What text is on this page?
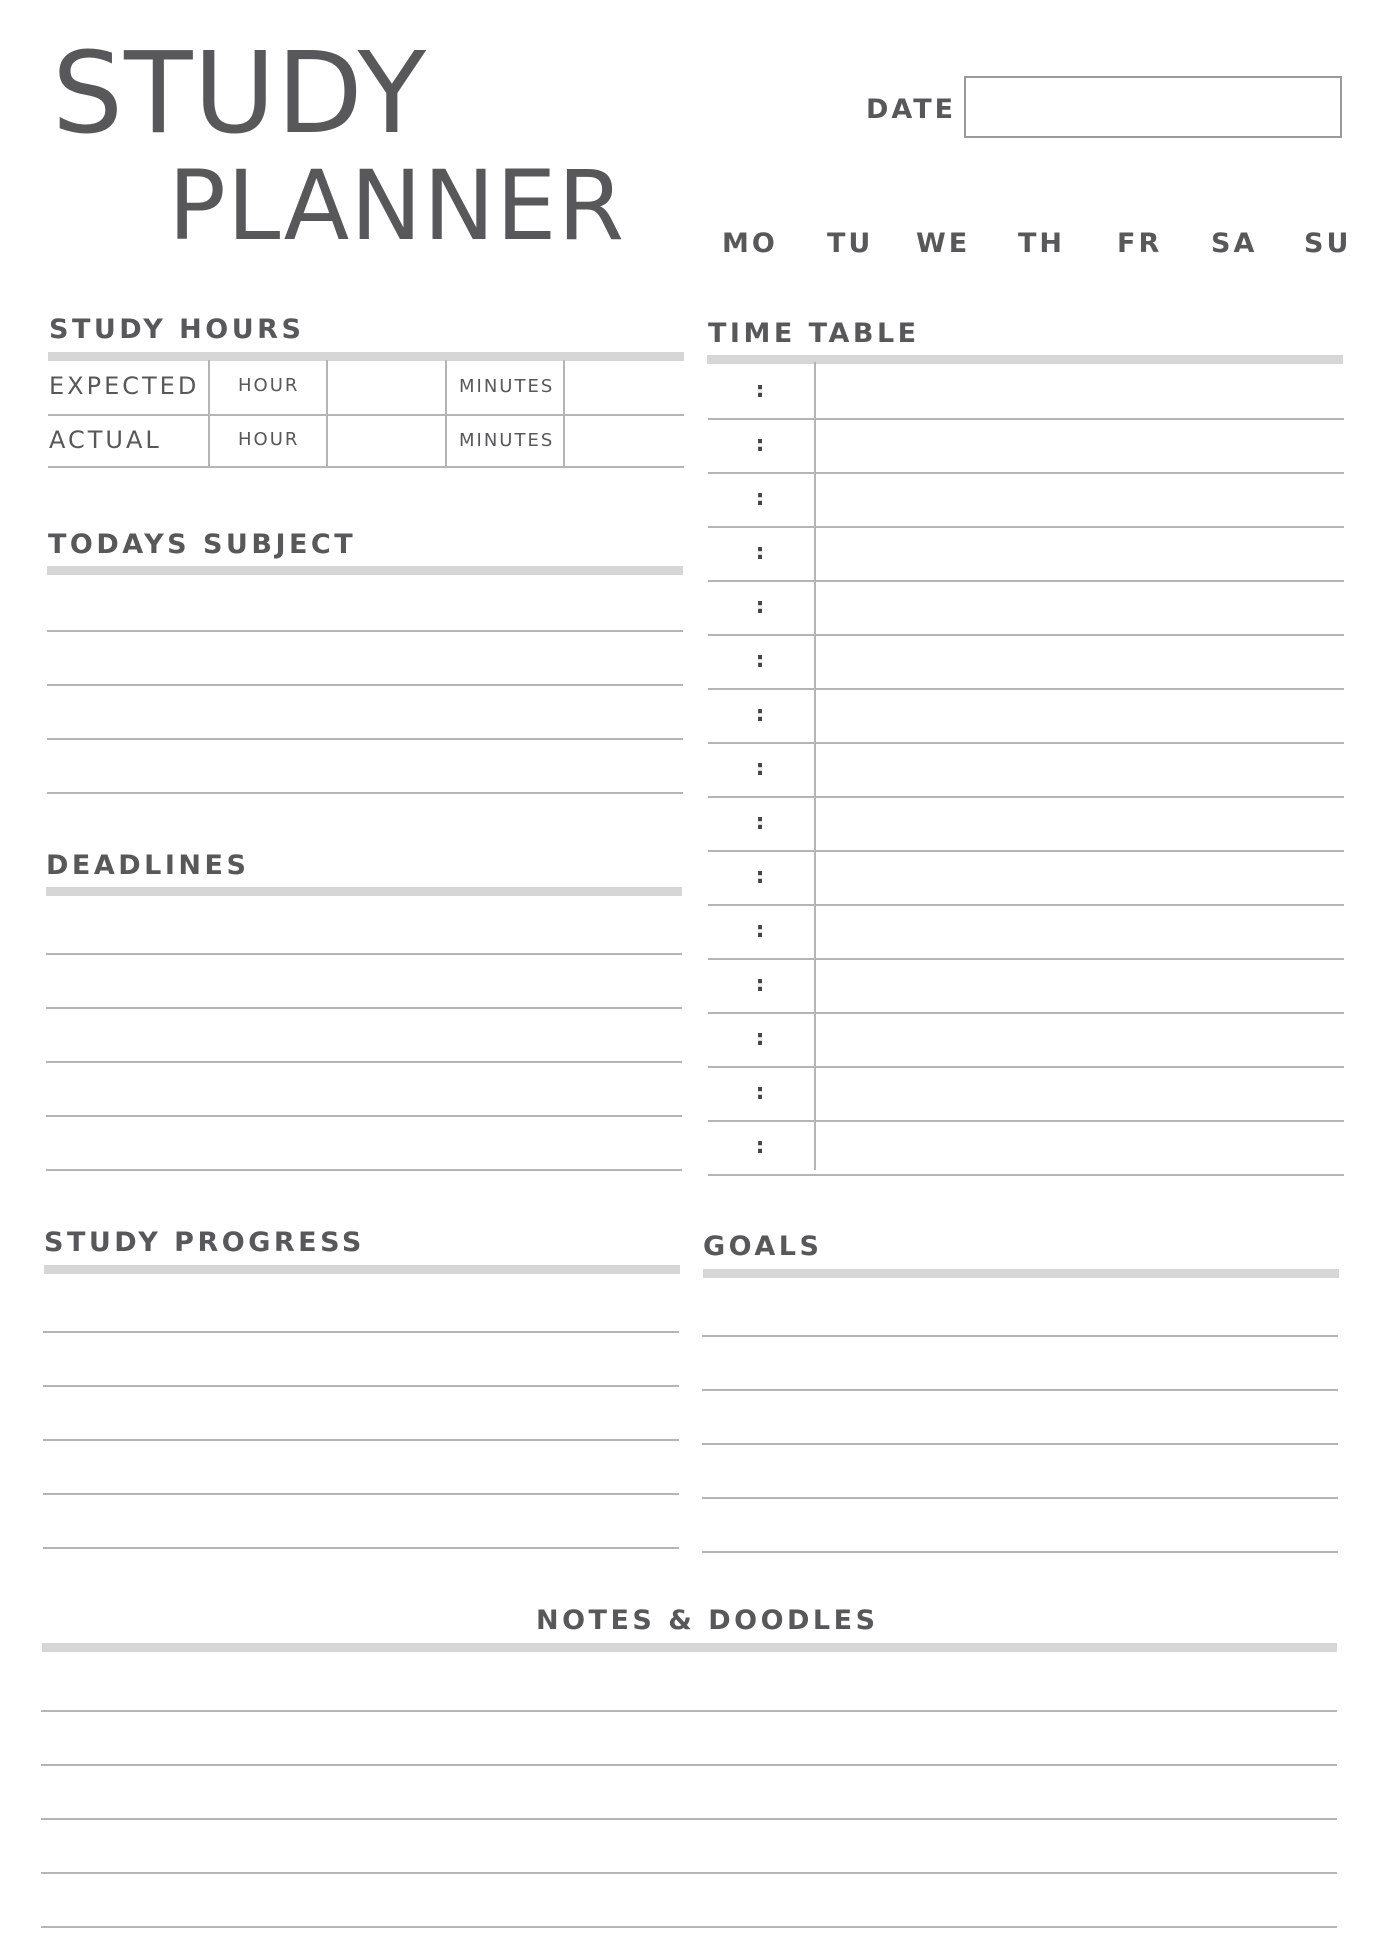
STUDY
PLANNER
DATE
MO TU WE TH FR SA SU
STUDY HOURS
EXPECTED HOUR	MINUTES
ACTUAL	HOUR	MINUTES
TODAYS SUBJECT
DEADLINES
TIME TABLE
:
:
:
:
:
:
:
:
:
:
:
:
:
:
:
STUDY PROGRESS	GOALS
NOTES & DOODLES
